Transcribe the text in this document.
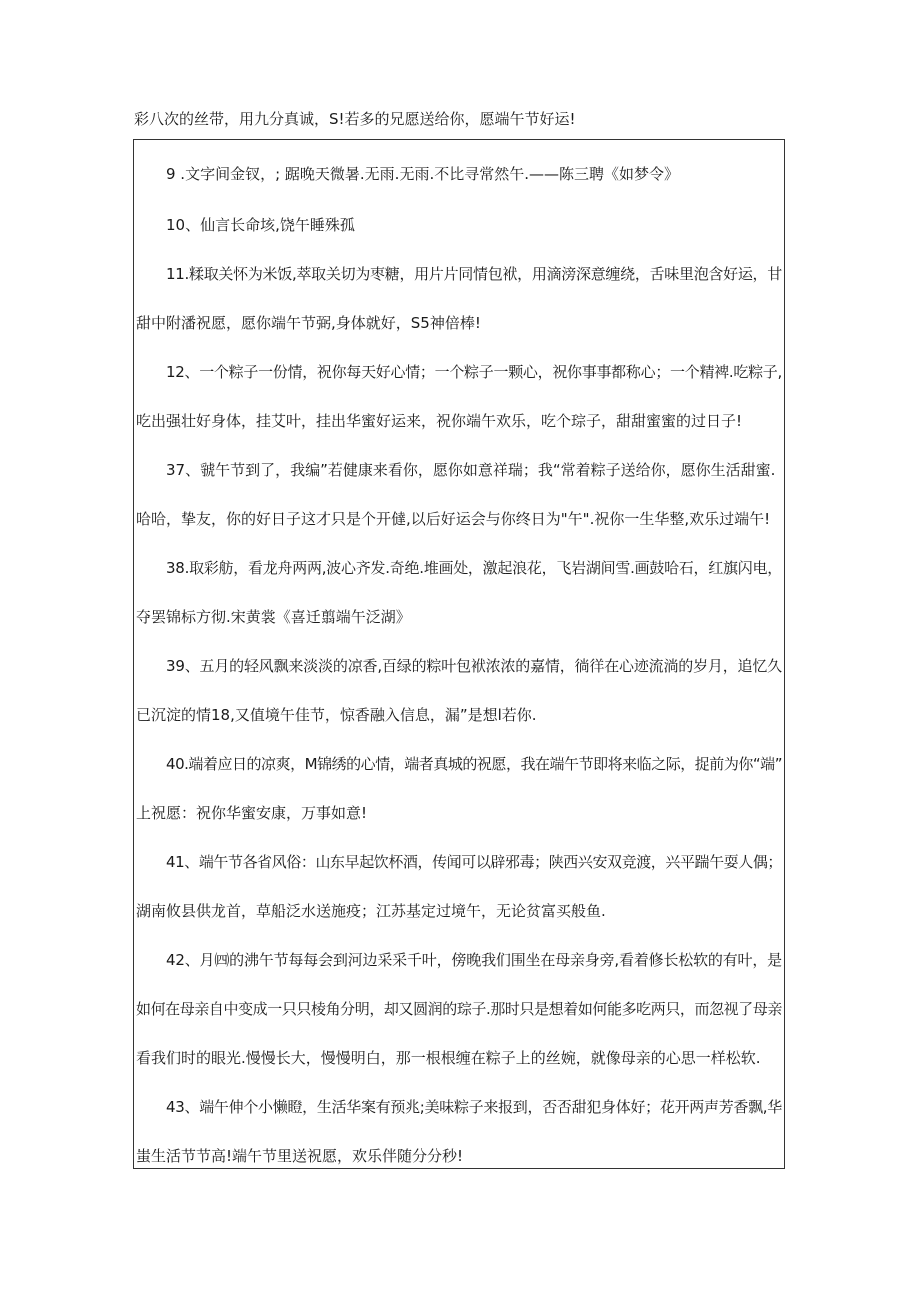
彩八次的丝带，用九分真诚，S!若多的兄愿送给你，愿端午节好运!
9 .文字间金钗，; 踞晚天微暑.无雨.无雨.不比寻常然午.——陈三聘《如梦令》
10、仙言长命垓,饶午睡殊孤
11.糅取关怀为米饭,萃取关切为枣糖，用片片同情包袱，用滴滂深意缠绕，舌味里泡含好运，甘
甜中附潘祝愿，愿你端午节弼,身体就好，S5神倍棒!
12、一个粽子一份情，祝你每天好心情；一个粽子一颗心，祝你事事都称心；一个精裨.吃粽子,
吃出强壮好身体，挂艾叶，挂出华蜜好运来，祝你端午欢乐，吃个琮子，甜甜蜜蜜的过日子!
37、虢午节到了，我编”若健康来看你，愿你如意祥瑞；我“常着粽子送给你，愿你生活甜蜜.
哈哈，挚友，你的好日子这才只是个开㒓,以后好运会与你终日为"午".祝你一生华整,欢乐过端午!
38.取彩舫，看龙舟两两,波心齐发.奇绝.堆画处，激起浪花，飞岩湖间雪.画鼓哈石，红旗闪电，
夺罢锦标方彻.宋黄裳《喜迁翦端午泛湖》
39、五月的轻风飘来淡淡的凉香,百绿的粽叶包袱浓浓的嘉情，徜徉在心迹流淌的岁月，追忆久
已沉淀的情18,又值境午佳节，惊香融入信息，漏”是想l若你.
40.端着应日的凉爽，M锦绣的心情，端者真城的祝愿，我在端午节即将来临之际，捉前为你“端”
上祝愿：祝你华蜜安康，万事如意!
41、端午节各省风俗：山东早起饮杯酒，传闻可以辟邪毒；陕西兴安双竞渡，兴平踹午耍人偶；
湖南攸县供龙首，草船泛水送施疫；江苏基定过境午，无论贫富买般鱼.
42、月㈣的沸午节每每会到河边采采千叶，傍晚我们围坐在母亲身旁,看着修长松软的有叶，是
如何在母亲自中变成一只只棱角分明，却又圆润的琮子.那时只是想着如何能多吃两只，而忽视了母亲
看我们时的眼光.慢慢长大，慢慢明白，那一根根缠在粽子上的丝婉，就像母亲的心思一样松软.
43、端午伸个小懒瞪，生活华案有预兆;美味粽子来报到，否否甜犯身体好；花开两声芳香飘,华
蚩生活节节高!端午节里送祝愿，欢乐伴随分分秒!
